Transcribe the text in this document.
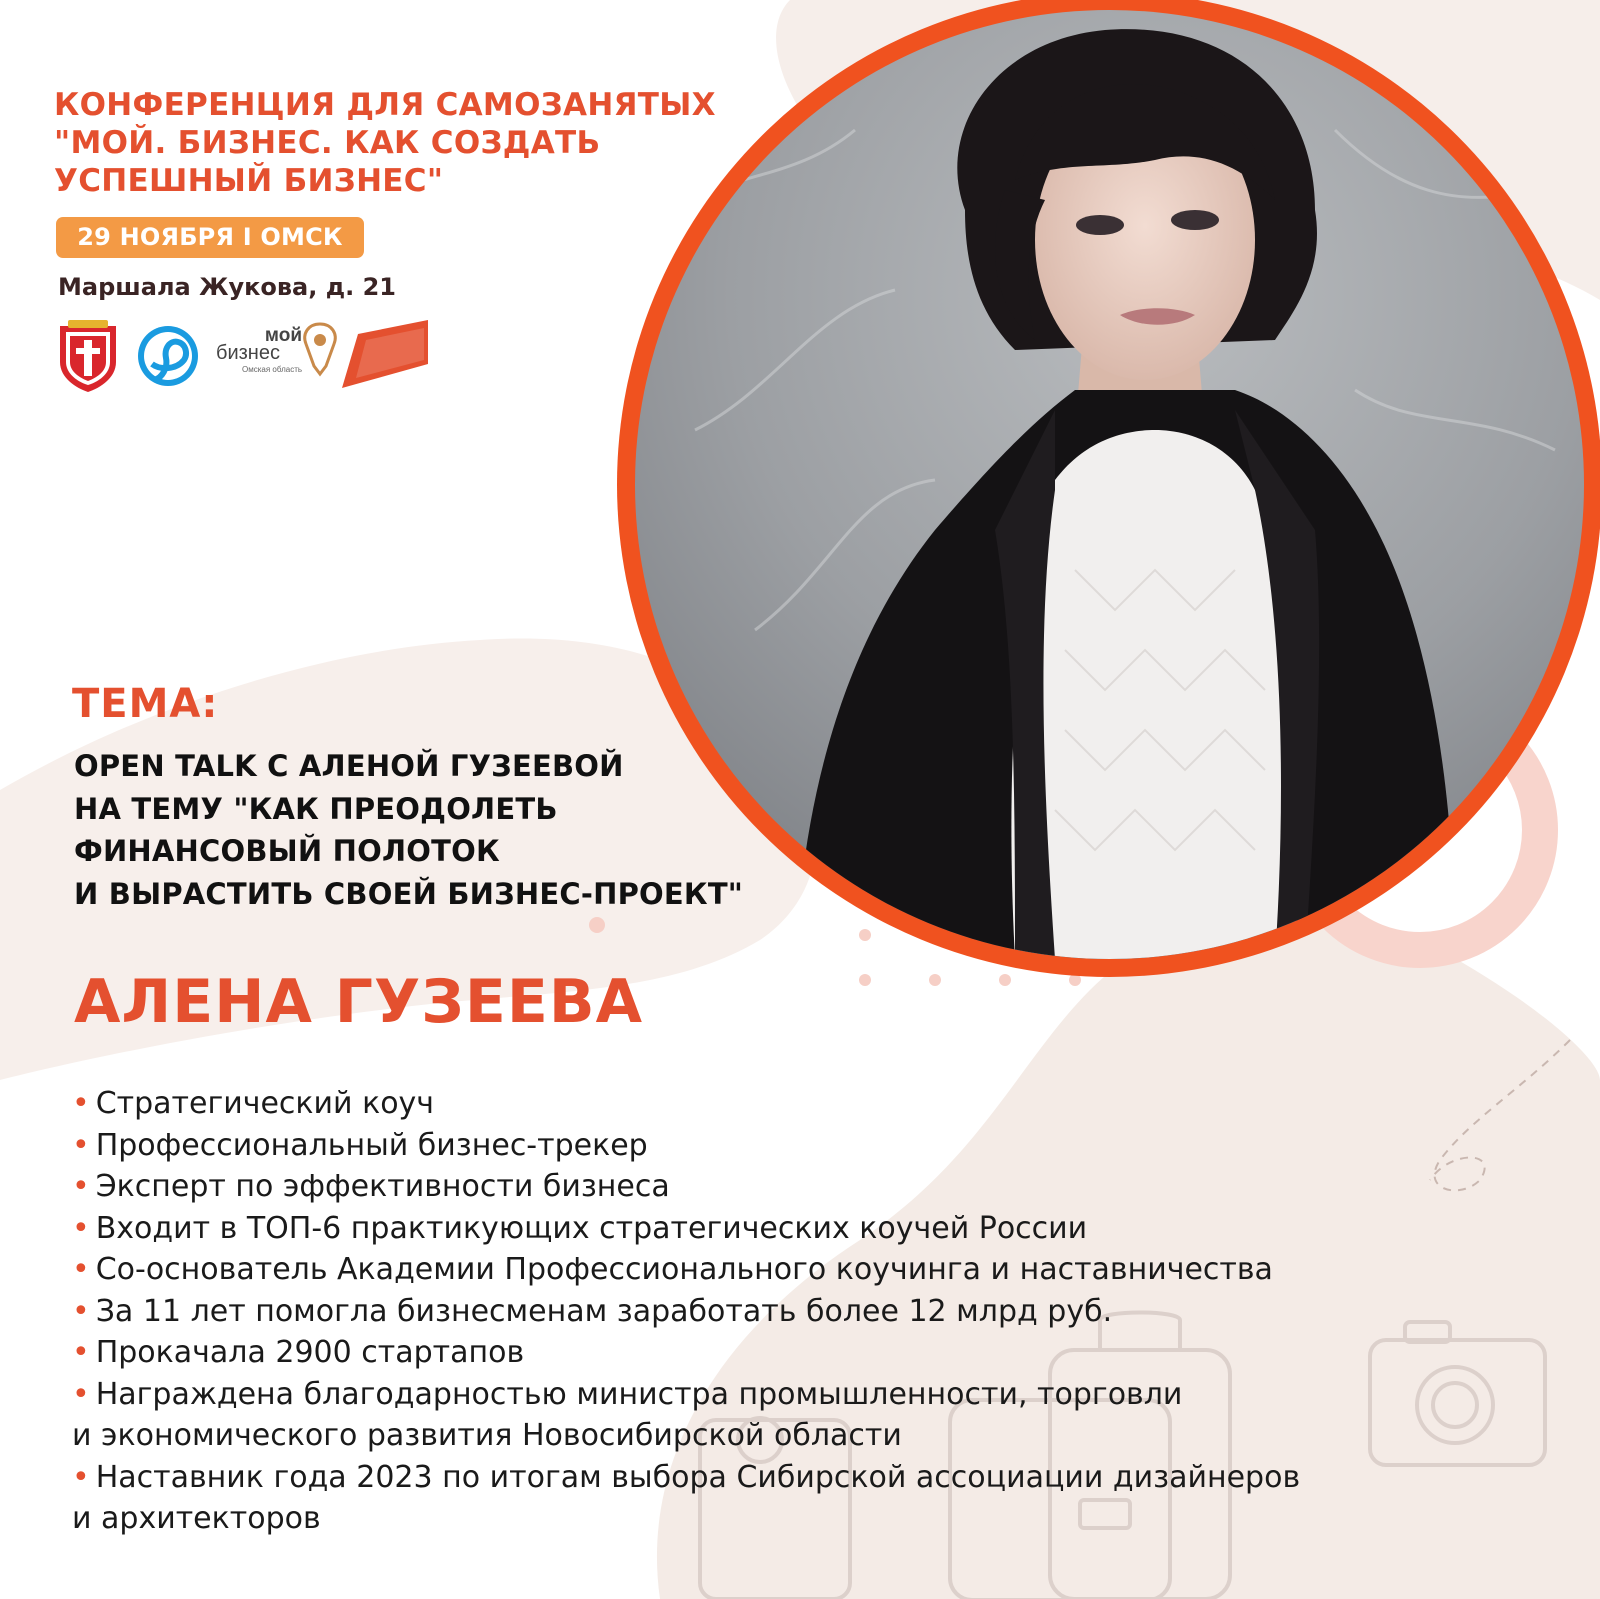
КОНФЕРЕНЦИЯ ДЛЯ САМОЗАНЯТЫХ
"МОЙ. БИЗНЕС. КАК СОЗДАТЬ
УСПЕШНЫЙ БИЗНЕС"
29 НОЯБРЯ I ОМСК
Маршала Жукова, д. 21
мой
бизнес
Омская область
ТЕМА:
OPEN TALK С АЛЕНОЙ ГУЗЕЕВОЙ
НА ТЕМУ "КАК ПРЕОДОЛЕТЬ
ФИНАНСОВЫЙ ПОЛОТОК
И ВЫРАСТИТЬ СВОЕЙ БИЗНЕС-ПРОЕКТ"
АЛЕНА ГУЗЕЕВА
• Стратегический коуч
• Профессиональный бизнес-трекер
• Эксперт по эффективности бизнеса
• Входит в ТОП-6 практикующих стратегических коучей России
• Со-основатель Академии Профессионального коучинга и наставничества
• За 11 лет помогла бизнесменам заработать более 12 млрд руб.
• Прокачала 2900 стартапов
• Награждена благодарностью министра промышленности, торговли
и экономического развития Новосибирской области
• Наставник года 2023 по итогам выбора Сибирской ассоциации дизайнеров
и архитекторов
